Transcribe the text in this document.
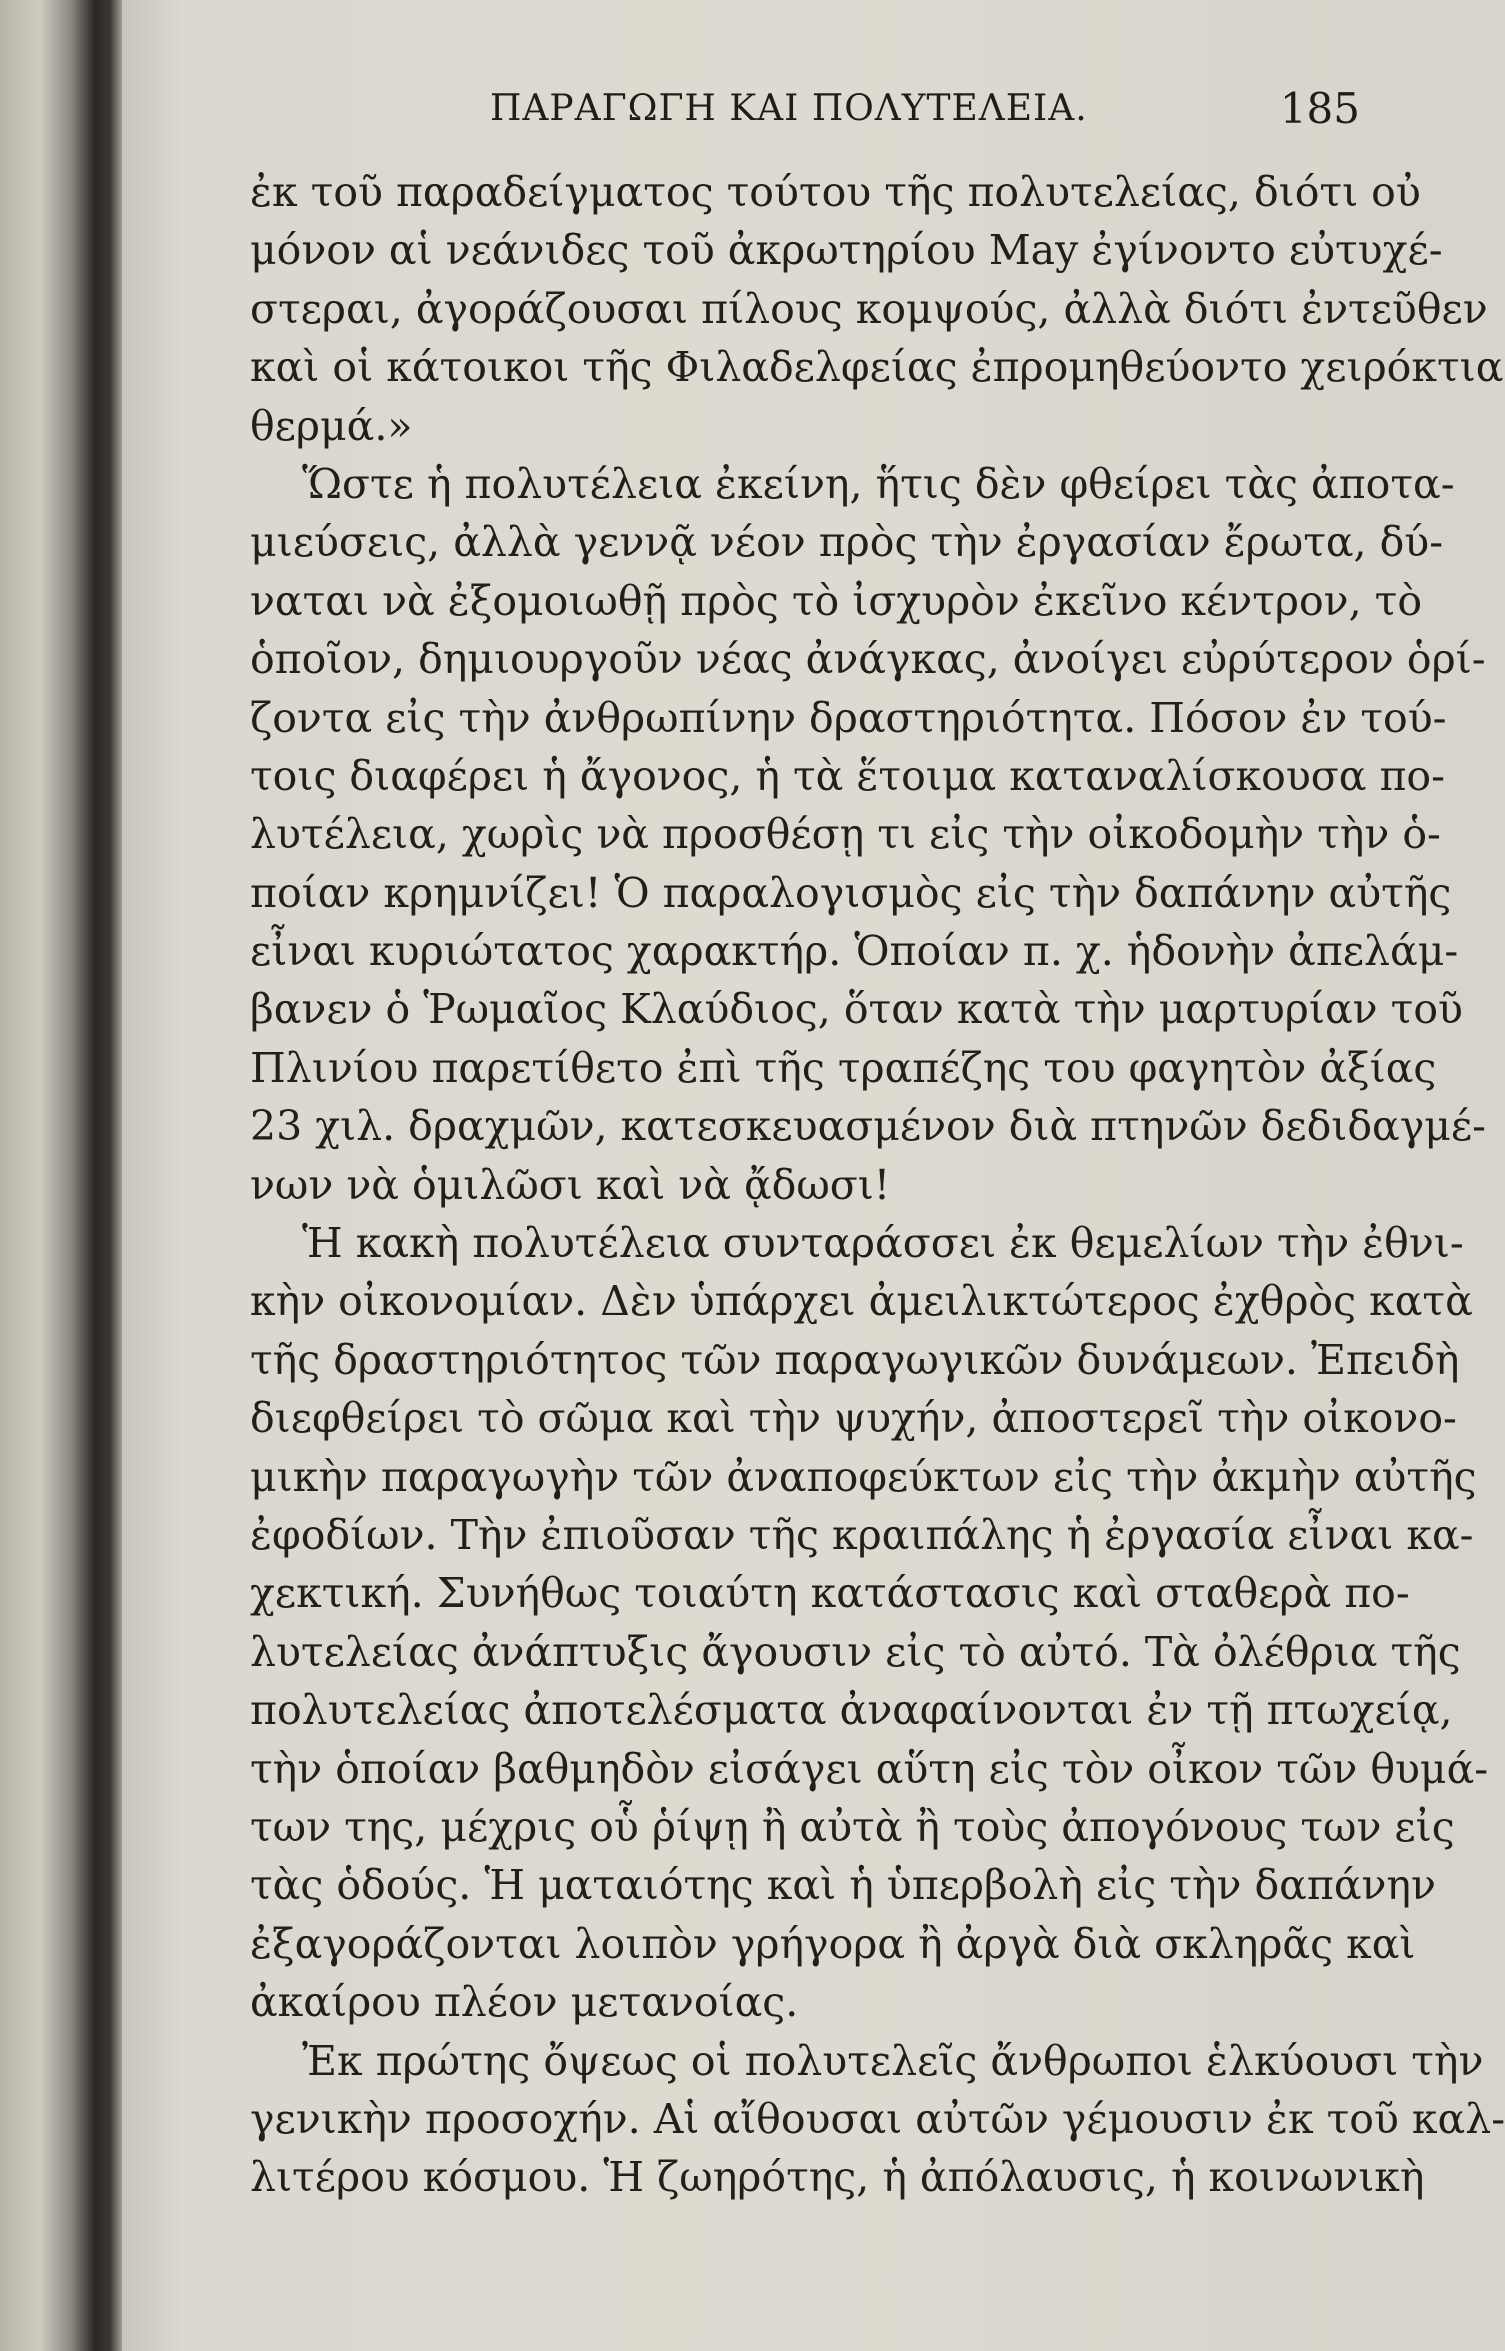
ΠΑΡΑΓΩΓΗ ΚΑΙ ΠΟΛΥΤΕΛΕΙΑ.	185
ἐκ τοῦ παραδείγματος τούτου τῆς πολυτελείας, διότι οὐ
μόνον αἱ νεάνιδες τοῦ ἀκρωτηρίου May ἐγίνοντο εὐτυχέ-
στεραι, ἀγοράζουσαι πίλους κομψούς, ἀλλὰ διότι ἐντεῦθεν
καὶ οἱ κάτοικοι τῆς Φιλαδελφείας ἐπρομηθεύοντο χειρόκτια
θερμά.»
Ὥστε ἡ πολυτέλεια ἐκείνη, ἥτις δὲν φθείρει τὰς ἀποτα-
μιεύσεις, ἀλλὰ γεννᾷ νέον πρὸς τὴν ἐργασίαν ἔρωτα, δύ-
ναται νὰ ἐξομοιωθῇ πρὸς τὸ ἰσχυρὸν ἐκεῖνο κέντρον, τὸ
ὁποῖον, δημιουργοῦν νέας ἀνάγκας, ἀνοίγει εὐρύτερον ὁρί-
ζοντα εἰς τὴν ἀνθρωπίνην δραστηριότητα. Πόσον ἐν τού-
τοις διαφέρει ἡ ἄγονος, ἡ τὰ ἕτοιμα καταναλίσκουσα πο-
λυτέλεια, χωρὶς νὰ προσθέσῃ τι εἰς τὴν οἰκοδομὴν τὴν ὁ-
ποίαν κρημνίζει! Ὁ παραλογισμὸς εἰς τὴν δαπάνην αὐτῆς
εἶναι κυριώτατος χαρακτήρ. Ὁποίαν π. χ. ἡδονὴν ἀπελάμ-
βανεν ὁ Ῥωμαῖος Κλαύδιος, ὅταν κατὰ τὴν μαρτυρίαν τοῦ
Πλινίου παρετίθετο ἐπὶ τῆς τραπέζης του φαγητὸν ἀξίας
23 χιλ. δραχμῶν, κατεσκευασμένον διὰ πτηνῶν δεδιδαγμέ-
νων νὰ ὁμιλῶσι καὶ νὰ ᾄδωσι!
Ἡ κακὴ πολυτέλεια συνταράσσει ἐκ θεμελίων τὴν ἐθνι-
κὴν οἰκονομίαν. Δὲν ὑπάρχει ἀμειλικτώτερος ἐχθρὸς κατὰ
τῆς δραστηριότητος τῶν παραγωγικῶν δυνάμεων. Ἐπειδὴ
διεφθείρει τὸ σῶμα καὶ τὴν ψυχήν, ἀποστερεῖ τὴν οἰκονο-
μικὴν παραγωγὴν τῶν ἀναποφεύκτων εἰς τὴν ἀκμὴν αὐτῆς
ἐφοδίων. Τὴν ἐπιοῦσαν τῆς κραιπάλης ἡ ἐργασία εἶναι κα-
χεκτική. Συνήθως τοιαύτη κατάστασις καὶ σταθερὰ πο-
λυτελείας ἀνάπτυξις ἄγουσιν εἰς τὸ αὐτό. Τὰ ὀλέθρια τῆς
πολυτελείας ἀποτελέσματα ἀναφαίνονται ἐν τῇ πτωχείᾳ,
τὴν ὁποίαν βαθμηδὸν εἰσάγει αὕτη εἰς τὸν οἶκον τῶν θυμά-
των της, μέχρις οὗ ῥίψῃ ἢ αὐτὰ ἢ τοὺς ἀπογόνους των εἰς
τὰς ὁδούς. Ἡ ματαιότης καὶ ἡ ὑπερβολὴ εἰς τὴν δαπάνην
ἐξαγοράζονται λοιπὸν γρήγορα ἢ ἀργὰ διὰ σκληρᾶς καὶ
ἀκαίρου πλέον μετανοίας.
Ἐκ πρώτης ὄψεως οἱ πολυτελεῖς ἄνθρωποι ἑλκύουσι τὴν
γενικὴν προσοχήν. Αἱ αἴθουσαι αὐτῶν γέμουσιν ἐκ τοῦ καλ-
λιτέρου κόσμου. Ἡ ζωηρότης, ἡ ἀπόλαυσις, ἡ κοινωνικὴ
